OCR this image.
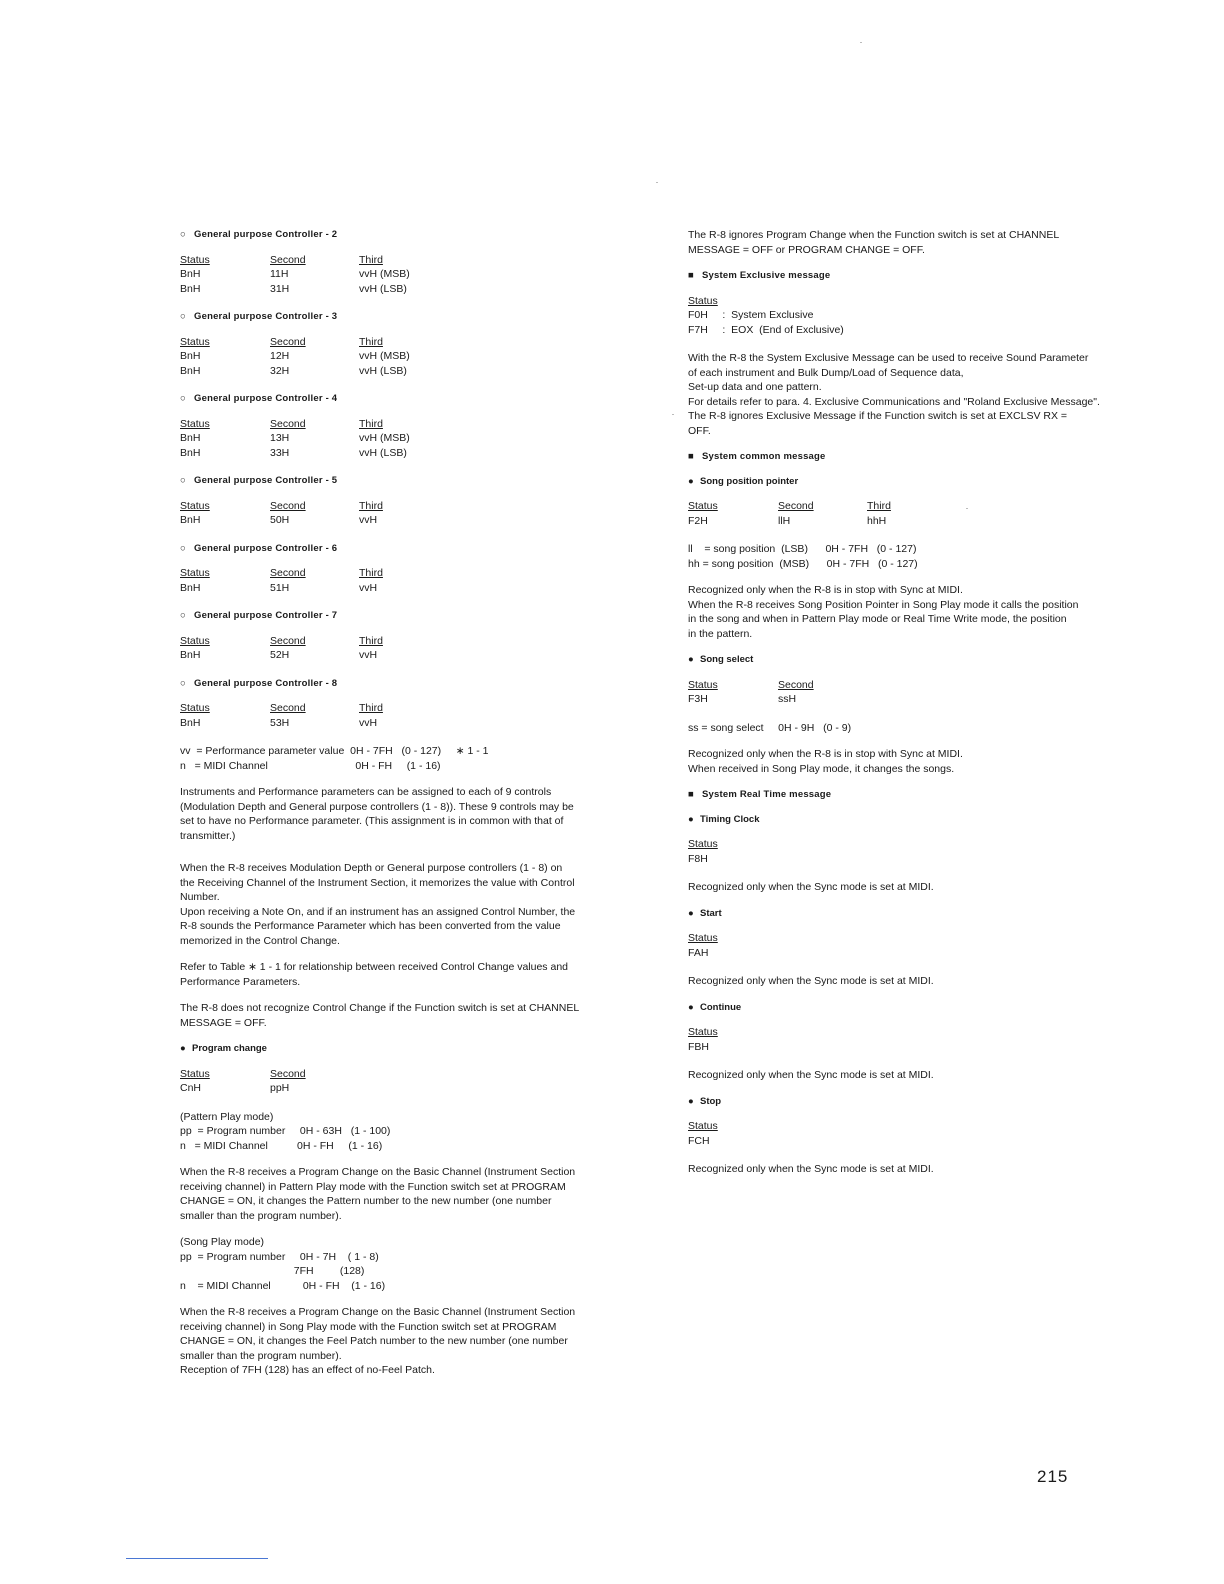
○ General purpose Controller - 2
Status	Second	Third
BnH	11H	vvH (MSB)
BnH	31H	vvH (LSB)
○ General purpose Controller - 3
Status	Second	Third
BnH	12H	vvH (MSB)
BnH	32H	vvH (LSB)
○ General purpose Controller - 4
Status	Second	Third
BnH	13H	vvH (MSB)
BnH	33H	vvH (LSB)
○ General purpose Controller - 5
Status	Second	Third
BnH	50H	vvH
○ General purpose Controller - 6
Status	Second	Third
BnH	51H	vvH
○ General purpose Controller - 7
Status	Second	Third
BnH	52H	vvH
○ General purpose Controller - 8
Status	Second	Third
BnH	53H	vvH
vv  = Performance parameter value  0H - 7FH   (0 - 127)     ∗ 1 - 1
n   = MIDI Channel                              0H - FH     (1 - 16)
Instruments and Performance parameters can be assigned to each of 9 controls
(Modulation Depth and General purpose controllers (1 - 8)). These 9 controls may be
set to have no Performance parameter. (This assignment is in common with that of
transmitter.)
When the R-8 receives Modulation Depth or General purpose controllers (1 - 8) on
the Receiving Channel of the Instrument Section, it memorizes the value with Control
Number.
Upon receiving a Note On, and if an instrument has an assigned Control Number, the
R-8 sounds the Performance Parameter which has been converted from the value
memorized in the Control Change.
Refer to Table ∗ 1 - 1 for relationship between received Control Change values and
Performance Parameters.
The R-8 does not recognize Control Change if the Function switch is set at CHANNEL
MESSAGE = OFF.
● Program change
Status	Second
CnH	ppH
(Pattern Play mode)
pp  = Program number     0H - 63H   (1 - 100)
n   = MIDI Channel          0H - FH     (1 - 16)
When the R-8 receives a Program Change on the Basic Channel (Instrument Section
receiving channel) in Pattern Play mode with the Function switch set at PROGRAM
CHANGE = ON, it changes the Pattern number to the new number (one number
smaller than the program number).
(Song Play mode)
pp  = Program number     0H - 7H    ( 1 - 8)
7FH         (128)
n    = MIDI Channel           0H - FH    (1 - 16)
When the R-8 receives a Program Change on the Basic Channel (Instrument Section
receiving channel) in Song Play mode with the Function switch set at PROGRAM
CHANGE = ON, it changes the Feel Patch number to the new number (one number
smaller than the program number).
Reception of 7FH (128) has an effect of no-Feel Patch.
The R-8 ignores Program Change when the Function switch is set at CHANNEL
MESSAGE = OFF or PROGRAM CHANGE = OFF.
■ System Exclusive message
Status
F0H     :  System Exclusive
F7H     :  EOX  (End of Exclusive)
With the R-8 the System Exclusive Message can be used to receive Sound Parameter
of each instrument and Bulk Dump/Load of Sequence data,
Set-up data and one pattern.
For details refer to para. 4. Exclusive Communications and "Roland Exclusive Message".
The R-8 ignores Exclusive Message if the Function switch is set at EXCLSV RX =
OFF.
■ System common message
● Song position pointer
Status	Second	Third
F2H	llH	hhH
ll    = song position  (LSB)      0H - 7FH   (0 - 127)
hh = song position  (MSB)      0H - 7FH   (0 - 127)
Recognized only when the R-8 is in stop with Sync at MIDI.
When the R-8 receives Song Position Pointer in Song Play mode it calls the position
in the song and when in Pattern Play mode or Real Time Write mode, the position
in the pattern.
● Song select
Status	Second
F3H	ssH
ss = song select     0H - 9H   (0 - 9)
Recognized only when the R-8 is in stop with Sync at MIDI.
When received in Song Play mode, it changes the songs.
■ System Real Time message
● Timing Clock
Status
F8H
Recognized only when the Sync mode is set at MIDI.
● Start
Status
FAH
Recognized only when the Sync mode is set at MIDI.
● Continue
Status
FBH
Recognized only when the Sync mode is set at MIDI.
● Stop
Status
FCH
Recognized only when the Sync mode is set at MIDI.
215
